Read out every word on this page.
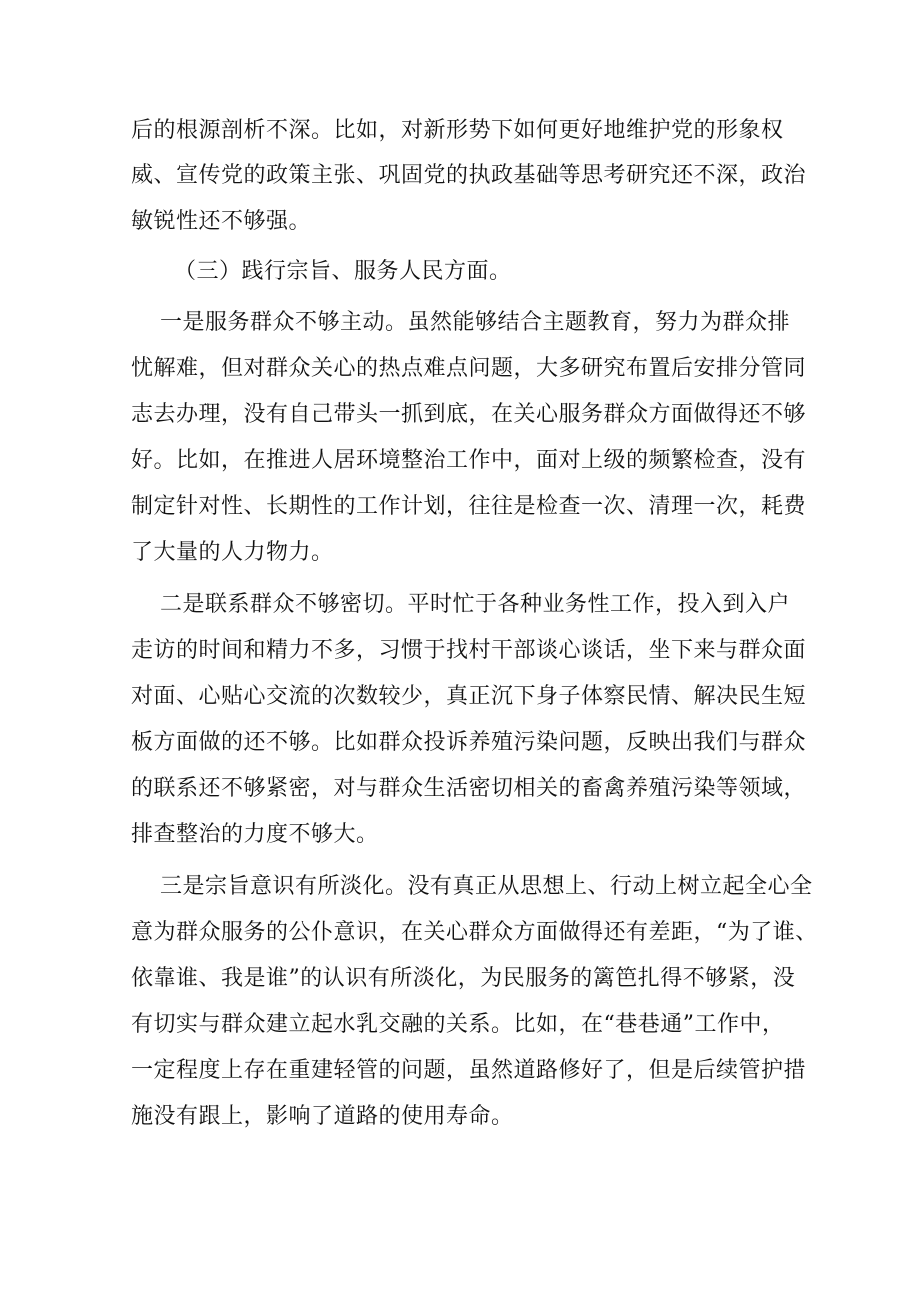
后的根源剖析不深。比如，对新形势下如何更好地维护党的形象权
威、宣传党的政策主张、巩固党的执政基础等思考研究还不深，政治
敏锐性还不够强。
（三）践行宗旨、服务人民方面。
一是服务群众不够主动。虽然能够结合主题教育，努力为群众排
忧解难，但对群众关心的热点难点问题，大多研究布置后安排分管同
志去办理，没有自己带头一抓到底，在关心服务群众方面做得还不够
好。比如，在推进人居环境整治工作中，面对上级的频繁检查，没有
制定针对性、长期性的工作计划，往往是检查一次、清理一次，耗费
了大量的人力物力。
二是联系群众不够密切。平时忙于各种业务性工作，投入到入户
走访的时间和精力不多，习惯于找村干部谈心谈话，坐下来与群众面
对面、心贴心交流的次数较少，真正沉下身子体察民情、解决民生短
板方面做的还不够。比如群众投诉养殖污染问题，反映出我们与群众
的联系还不够紧密，对与群众生活密切相关的畜禽养殖污染等领域，
排查整治的力度不够大。
三是宗旨意识有所淡化。没有真正从思想上、行动上树立起全心全
意为群众服务的公仆意识，在关心群众方面做得还有差距，“为了谁、
依靠谁、我是谁”的认识有所淡化，为民服务的篱笆扎得不够紧，没
有切实与群众建立起水乳交融的关系。比如，在“巷巷通”工作中，
一定程度上存在重建轻管的问题，虽然道路修好了，但是后续管护措
施没有跟上，影响了道路的使用寿命。
